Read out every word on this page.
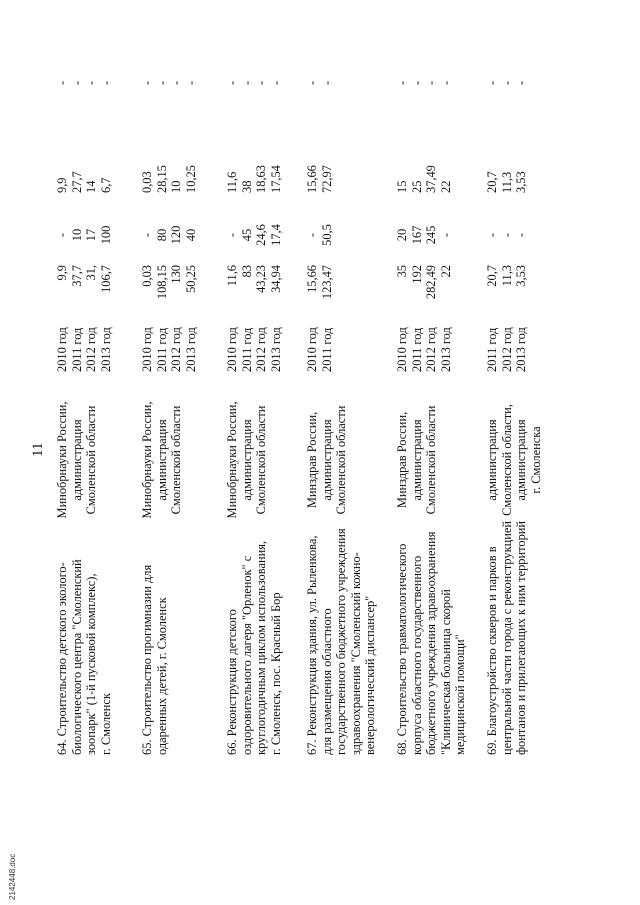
2142448.doc
11
64. Строительство детского эколого- биологического центра "Смоленский зоопарк" (1-й пусковой комплекс), г. Смоленск
Минобрнауки России, администрация Смоленской области
2010 год 2011 год 2012 год 2013 год
9,9 37,7 31, 106,7
- 10 17 100
9,9 27,7 14 6,7
- - - -
65. Строительство прогимназии для одаренных детей, г. Смоленск
Минобрнауки России, администрация Смоленской области
2010 год 2011 год 2012 год 2013 год
0,03 108,15 130 50,25
- 80 120 40
0,03 28,15 10 10,25
- - - -
66. Реконструкция детского оздоровительного лагеря "Орленок" с круглогодичным циклом использования, г. Смоленск, пос. Красный Бор
Минобрнауки России, администрация Смоленской области
2010 год 2011 год 2012 год 2013 год
11,6 83 43,23 34,94
- 45 24,6 17,4
11,6 38 18,63 17,54
- - - -
67. Реконструкция здания, ул. Рыленкова, для размещения областного государственного бюджетного учреждения здравоохранения "Смоленский кожно- венерологический диспансер"
Минздрав России, администрация Смоленской области
2010 год 2011 год
15,66 123,47
- 50,5
15,66 72,97
- -
68. Строительство травматологического корпуса областного государственного бюджетного учреждения здравоохранения "Клиническая больница скорой медицинской помощи"
Минздрав России, администрация Смоленской области
2010 год 2011 год 2012 год 2013 год
35 192 282,49 22
20 167 245 -
15 25 37,49 22
- - - -
69. Благоустройство скверов и парков в центральной части города с реконструкцией фонтанов и прилегающих к ним территорий
администрация Смоленской области, администрация г. Смоленска
2011 год 2012 год 2013 год
20,7 11,3 3,53
- - -
20,7 11,3 3,53
- - -
